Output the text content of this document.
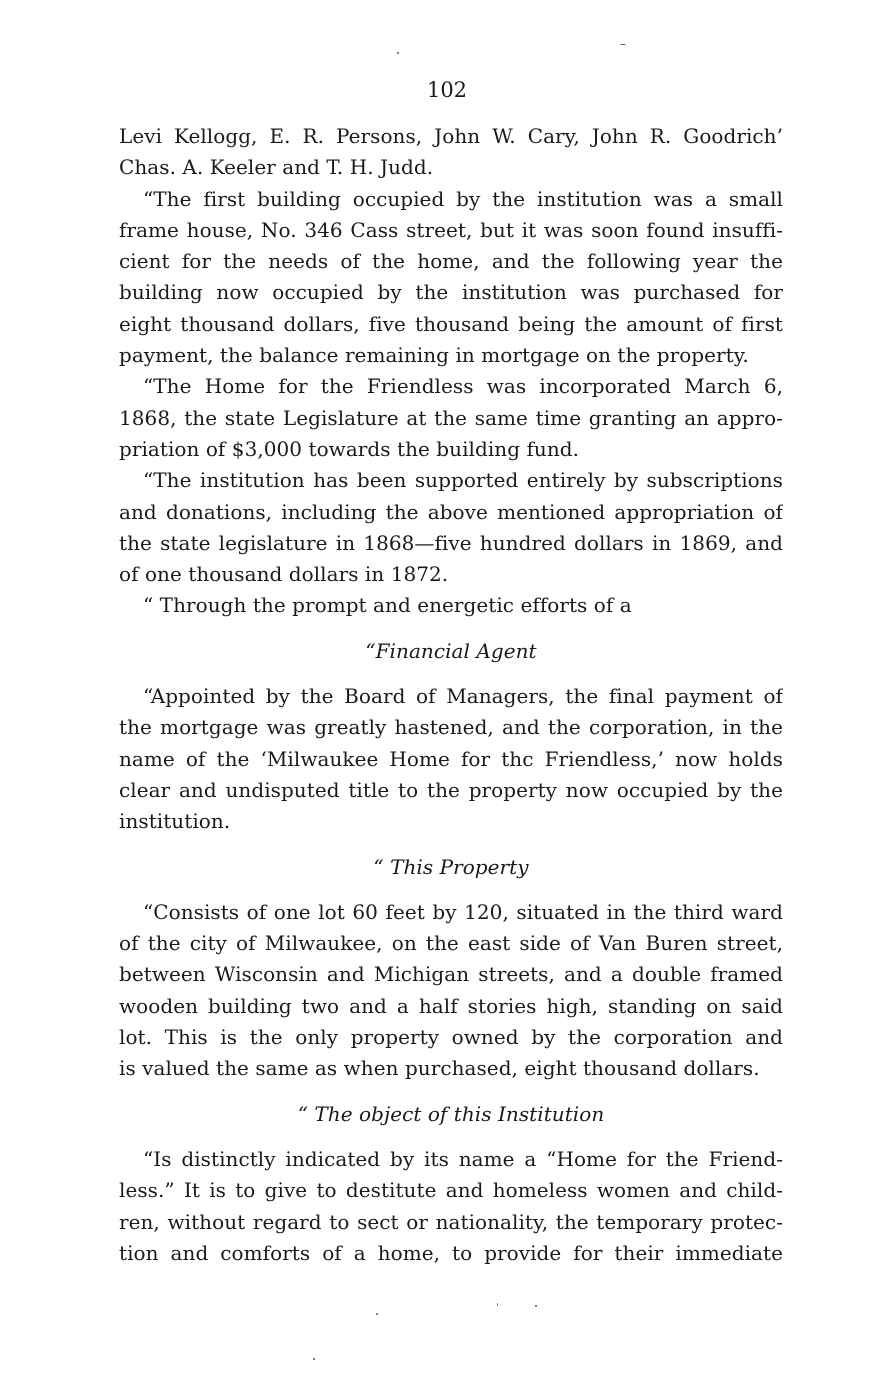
102
Levi Kellogg, E. R. Persons, John W. Cary, John R. Goodrich’
Chas. A. Keeler and T. H. Judd.
“The first building occupied by the institution was a small
frame house, No. 346 Cass street, but it was soon found insuffi-
cient for the needs of the home, and the following year the
building now occupied by the institution was purchased for
eight thousand dollars, five thousand being the amount of first
payment, the balance remaining in mortgage on the property.
“The Home for the Friendless was incorporated March 6,
1868, the state Legislature at the same time granting an appro-
priation of $3,000 towards the building fund.
“The institution has been supported entirely by subscriptions
and donations, including the above mentioned appropriation of
the state legislature in 1868—five hundred dollars in 1869, and
of one thousand dollars in 1872.
“ Through the prompt and energetic efforts of a
“Financial Agent
“Appointed by the Board of Managers, the final payment of
the mortgage was greatly hastened, and the corporation, in the
name of the ‘Milwaukee Home for thc Friendless,’ now holds
clear and undisputed title to the property now occupied by the
institution.
“ This Property
“Consists of one lot 60 feet by 120, situated in the third ward
of the city of Milwaukee, on the east side of Van Buren street,
between Wisconsin and Michigan streets, and a double framed
wooden building two and a half stories high, standing on said
lot. This is the only property owned by the corporation and
is valued the same as when purchased, eight thousand dollars.
“ The object of this Institution
“Is distinctly indicated by its name a “Home for the Friend-
less.” It is to give to destitute and homeless women and child-
ren, without regard to sect or nationality, the temporary protec-
tion and comforts of a home, to provide for their immediate
